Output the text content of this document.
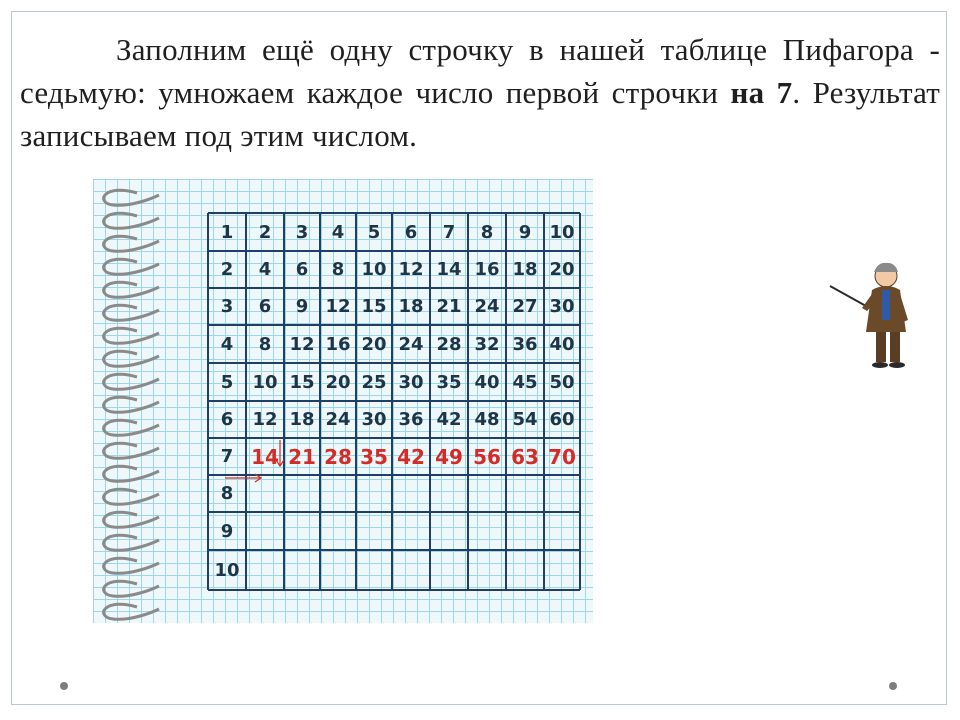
Заполним ещё одну строчку в нашей таблице Пифагора - седьмую: умножаем каждое число первой строчки на 7. Результат записываем под этим числом.
1	2	3	4	5	6	7	8	9	10
2	4	6	8 10 12 14 16 18 20
3	6	9 12 15 18 21 24 27 30
4	8	12 16 20 24 28 32 36 40
5	10 15 20 25 30 35 40 45 50
6	12 18 24 30 36 42 48 54 60
7 14 21 28 35 42 49 56 63 70
8
9
10
